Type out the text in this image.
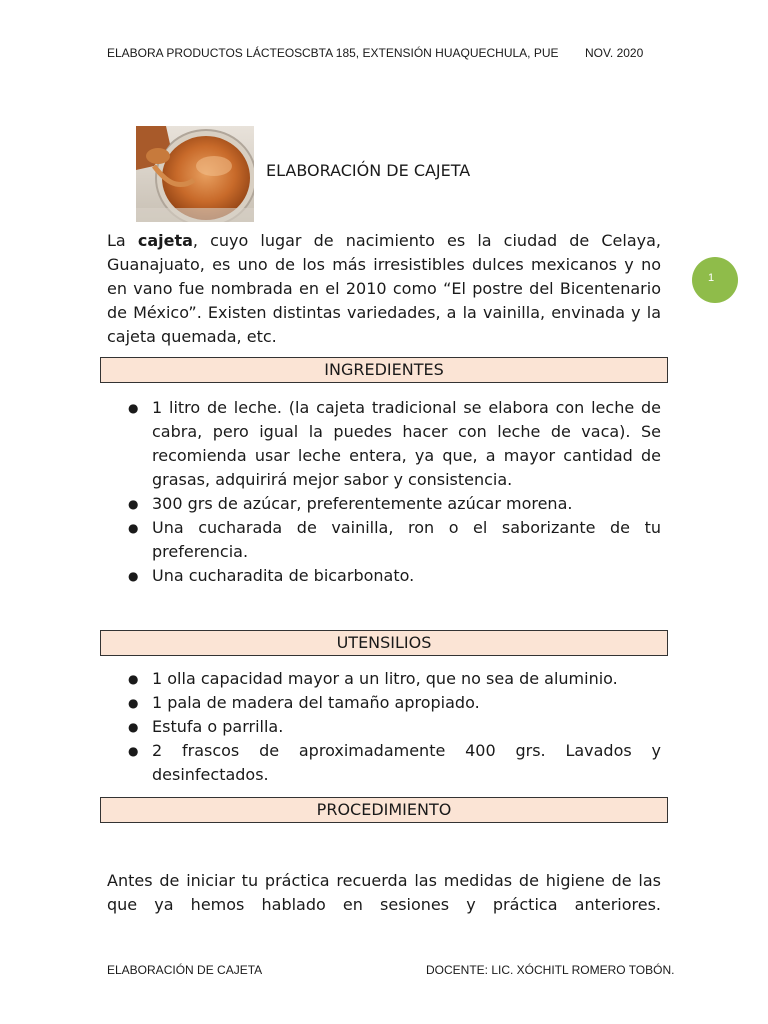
ELABORA PRODUCTOS LÁCTEOS CBTA 185, EXTENSIÓN HUAQUECHULA, PUE NOV. 2020
ELABORACIÓN DE CAJETA
La cajeta, cuyo lugar de nacimiento es la ciudad de Celaya, Guanajuato, es uno de los más irresistibles dulces mexicanos y no en vano fue nombrada en el 2010 como “El postre del Bicentenario de México”. Existen distintas variedades, a la vainilla, envinada y la cajeta quemada, etc.
1
INGREDIENTES
● 1 litro de leche. (la cajeta tradicional se elabora con leche de cabra, pero igual la puedes hacer con leche de vaca). Se recomienda usar leche entera, ya que, a mayor cantidad de grasas, adquirirá mejor sabor y consistencia.
● 300 grs de azúcar, preferentemente azúcar morena.
● Una cucharada de vainilla, ron o el saborizante de tu preferencia.
● Una cucharadita de bicarbonato.
UTENSILIOS
● 1 olla capacidad mayor a un litro, que no sea de aluminio.
● 1 pala de madera del tamaño apropiado.
● Estufa o parrilla.
● 2 frascos de aproximadamente 400 grs. Lavados y desinfectados.
PROCEDIMIENTO
Antes de iniciar tu práctica recuerda las medidas de higiene de las que ya hemos hablado en sesiones y práctica anteriores.
ELABORACIÓN DE CAJETA	DOCENTE: LIC. XÓCHITL ROMERO TOBÓN.
